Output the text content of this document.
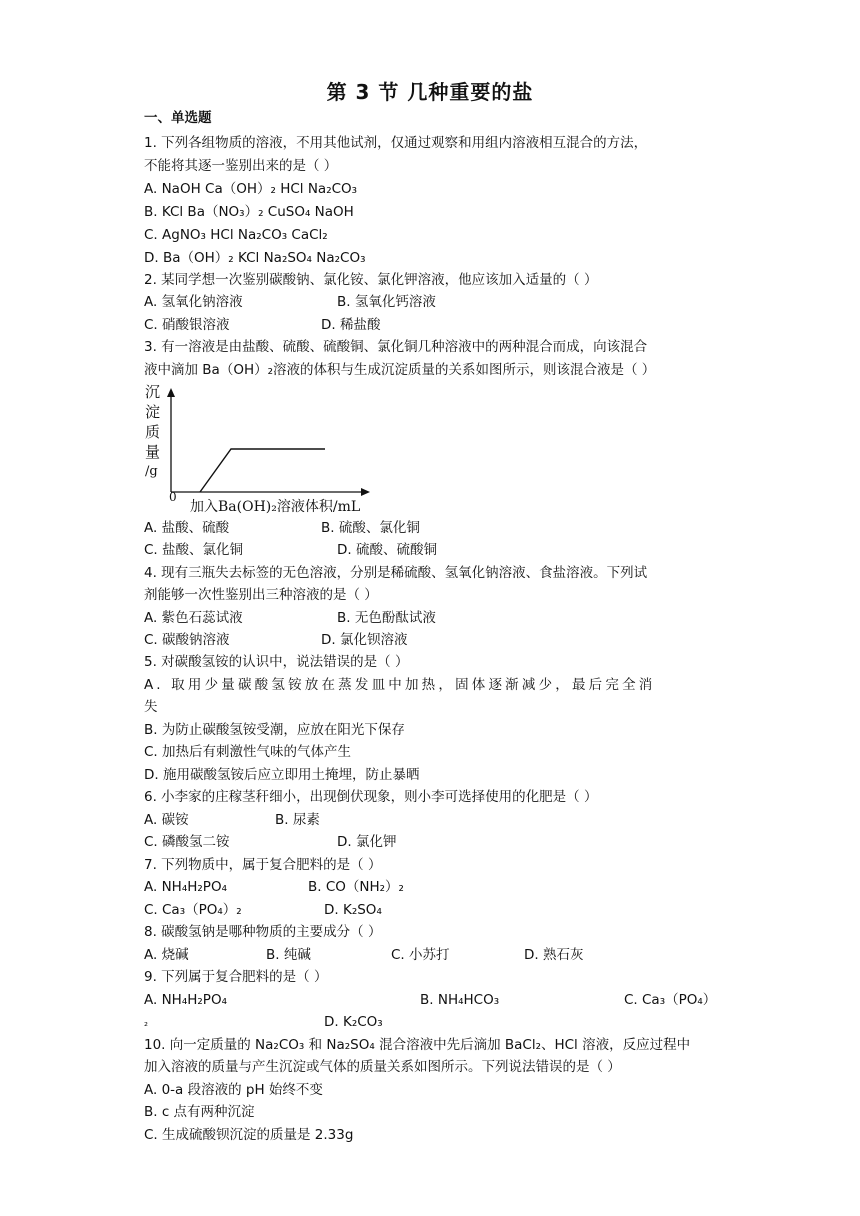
第 3 节 几种重要的盐
一、单选题
1. 下列各组物质的溶液，不用其他试剂，仅通过观察和用组内溶液相互混合的方法，
不能将其逐一鉴别出来的是（ ）
A. NaOH Ca（OH）₂ HCl Na₂CO₃
B. KCl Ba（NO₃）₂ CuSO₄ NaOH
C. AgNO₃ HCl Na₂CO₃ CaCl₂
D. Ba（OH）₂ KCl Na₂SO₄ Na₂CO₃
2. 某同学想一次鉴别碳酸钠、氯化铵、氯化钾溶液，他应该加入适量的（ ）
A. 氢氧化钠溶液	B. 氢氧化钙溶液
C. 硝酸银溶液	D. 稀盐酸
3. 有一溶液是由盐酸、硫酸、硫酸铜、氯化铜几种溶液中的两种混合而成，向该混合
液中滴加 Ba（OH）₂溶液的体积与生成沉淀质量的关系如图所示，则该混合液是（ ）
沉
淀
质
量
/g
0
加入Ba(OH)₂溶液体积/mL
A. 盐酸、硫酸	B. 硫酸、氯化铜
C. 盐酸、氯化铜	D. 硫酸、硫酸铜
4. 现有三瓶失去标签的无色溶液，分别是稀硫酸、氢氧化钠溶液、食盐溶液。下列试
剂能够一次性鉴别出三种溶液的是（ ）
A. 紫色石蕊试液	B. 无色酚酞试液
C. 碳酸钠溶液	D. 氯化钡溶液
5. 对碳酸氢铵的认识中，说法错误的是（ ）
A. 取用少量碳酸氢铵放在蒸发皿中加热，固体逐渐减少，最后完全消
失
B. 为防止碳酸氢铵受潮，应放在阳光下保存
C. 加热后有刺激性气味的气体产生
D. 施用碳酸氢铵后应立即用土掩埋，防止暴晒
6. 小李家的庄稼茎秆细小，出现倒伏现象，则小李可选择使用的化肥是（ ）
A. 碳铵	B. 尿素
C. 磷酸氢二铵	D. 氯化钾
7. 下列物质中，属于复合肥料的是（ ）
A. NH₄H₂PO₄	B. CO（NH₂）₂
C. Ca₃（PO₄）₂	D. K₂SO₄
8. 碳酸氢钠是哪种物质的主要成分（ ）
A. 烧碱	B. 纯碱	C. 小苏打	D. 熟石灰
9. 下列属于复合肥料的是（ ）
A. NH₄H₂PO₄	B. NH₄HCO₃	C. Ca₃（PO₄）
₂	D. K₂CO₃
10. 向一定质量的 Na₂CO₃ 和 Na₂SO₄ 混合溶液中先后滴加 BaCl₂、HCl 溶液，反应过程中
加入溶液的质量与产生沉淀或气体的质量关系如图所示。下列说法错误的是（ ）
A. 0-a 段溶液的 pH 始终不变
B. c 点有两种沉淀
C. 生成硫酸钡沉淀的质量是 2.33g
